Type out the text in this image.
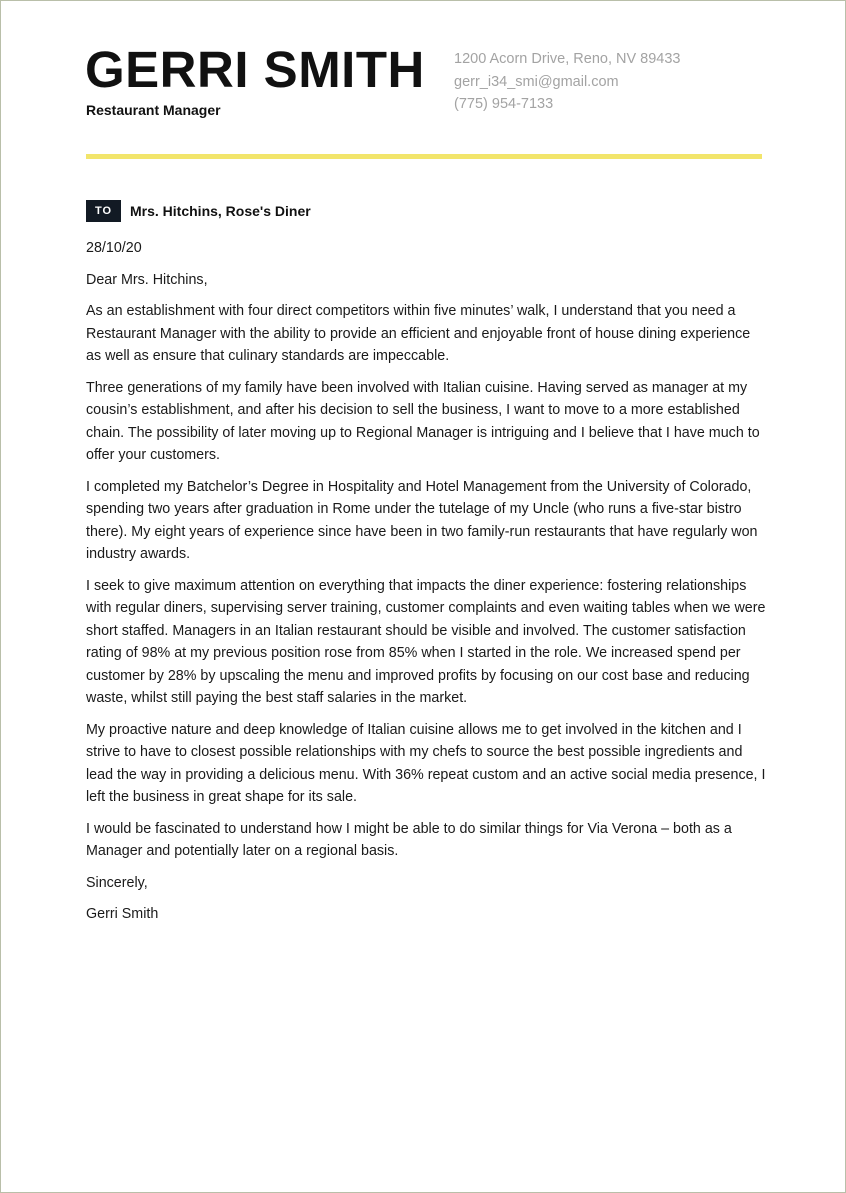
GERRI SMITH
Restaurant Manager
1200 Acorn Drive, Reno, NV 89433
gerr_i34_smi@gmail.com
(775) 954-7133
TO	Mrs. Hitchins, Rose's Diner

28/10/20

Dear Mrs. Hitchins,

As an establishment with four direct competitors within five minutes’ walk, I understand that you need a Restaurant Manager with the ability to provide an efficient and enjoyable front of house dining experience as well as ensure that culinary standards are impeccable.

Three generations of my family have been involved with Italian cuisine. Having served as manager at my cousin’s establishment, and after his decision to sell the business, I want to move to a more established chain. The possibility of later moving up to Regional Manager is intriguing and I believe that I have much to offer your customers.

I completed my Batchelor’s Degree in Hospitality and Hotel Management from the University of Colorado, spending two years after graduation in Rome under the tutelage of my Uncle (who runs a five-star bistro there). My eight years of experience since have been in two family-run restaurants that have regularly won industry awards.

I seek to give maximum attention on everything that impacts the diner experience: fostering relationships with regular diners, supervising server training, customer complaints and even waiting tables when we were short staffed. Managers in an Italian restaurant should be visible and involved. The customer satisfaction rating of 98% at my previous position rose from 85% when I started in the role. We increased spend per customer by 28% by upscaling the menu and improved profits by focusing on our cost base and reducing waste, whilst still paying the best staff salaries in the market.

My proactive nature and deep knowledge of Italian cuisine allows me to get involved in the kitchen and I strive to have to closest possible relationships with my chefs to source the best possible ingredients and lead the way in providing a delicious menu. With 36% repeat custom and an active social media presence, I left the business in great shape for its sale.

I would be fascinated to understand how I might be able to do similar things for Via Verona – both as a Manager and potentially later on a regional basis.

Sincerely,

Gerri Smith
